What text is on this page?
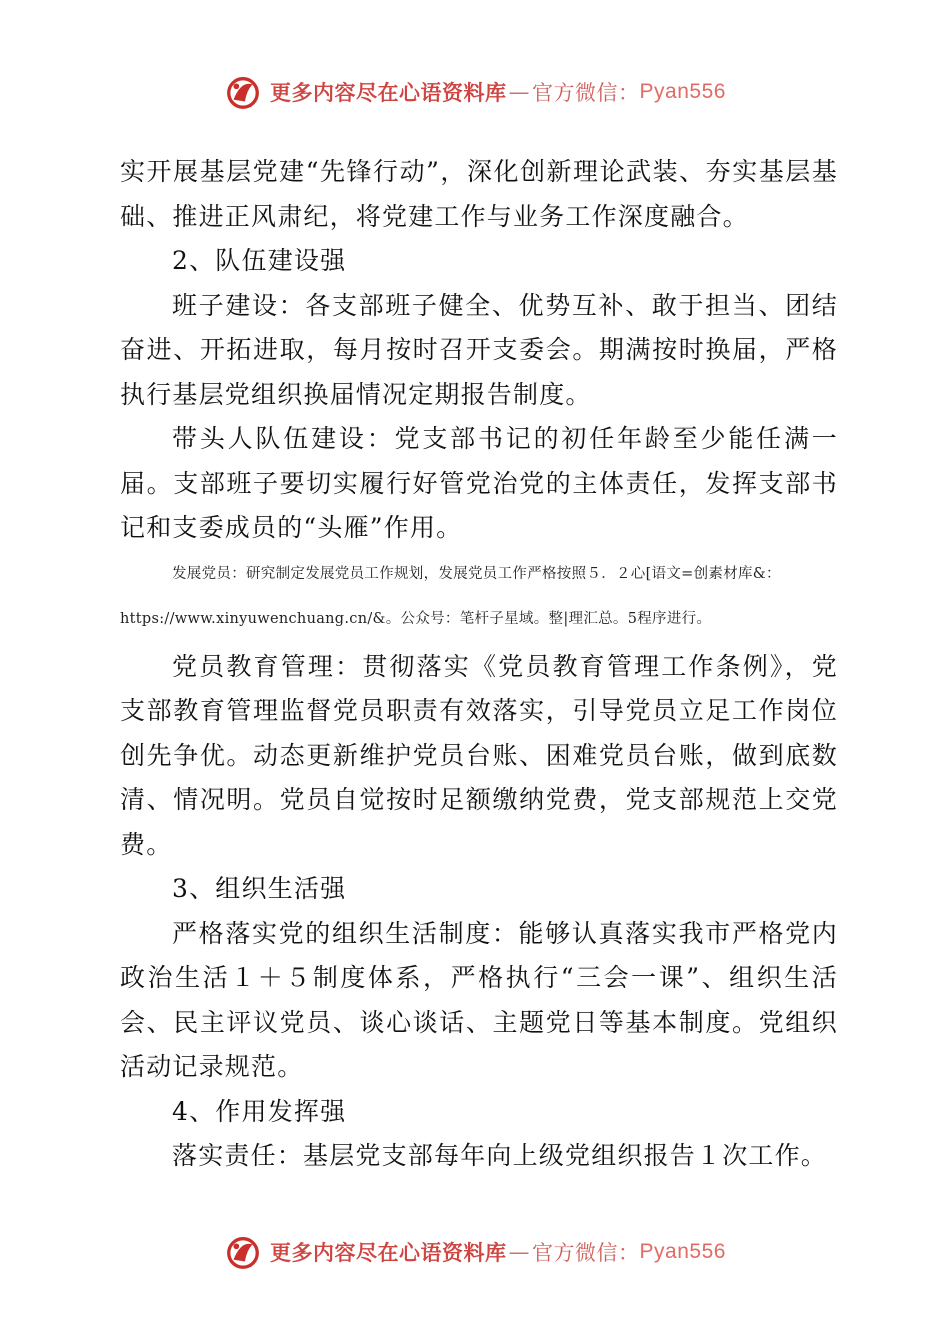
更多内容尽在心语资料库 — 官方微信： Pyan556

实开展基层党建“先锋行动”，深化创新理论武装、夯实基层基础、推进正风肃纪，将党建工作与业务工作深度融合。

2、队伍建设强

班子建设：各支部班子健全、优势互补、敢于担当、团结奋进、开拓进取，每月按时召开支委会。期满按时换届，严格执行基层党组织换届情况定期报告制度。

带头人队伍建设：党支部书记的初任年龄至少能任满一届。支部班子要切实履行好管党治党的主体责任，发挥支部书记和支委成员的“头雁”作用。

发展党员：研究制定发展党员工作规划，发展党员工作严格按照５．２心[语文=创素材库&：
https://www.xinyuwenchuang.cn/&。公众号：笔杆子星域。整|理汇总。5程序进行。

党员教育管理：贯彻落实《党员教育管理工作条例》，党支部教育管理监督党员职责有效落实，引导党员立足工作岗位创先争优。动态更新维护党员台账、困难党员台账，做到底数清、情况明。党员自觉按时足额缴纳党费，党支部规范上交党费。

3、组织生活强

严格落实党的组织生活制度：能够认真落实我市严格党内政治生活１＋５制度体系，严格执行“三会一课”、组织生活会、民主评议党员、谈心谈话、主题党日等基本制度。党组织活动记录规范。

4、作用发挥强

落实责任：基层党支部每年向上级党组织报告１次工作。

更多内容尽在心语资料库 — 官方微信： Pyan556
